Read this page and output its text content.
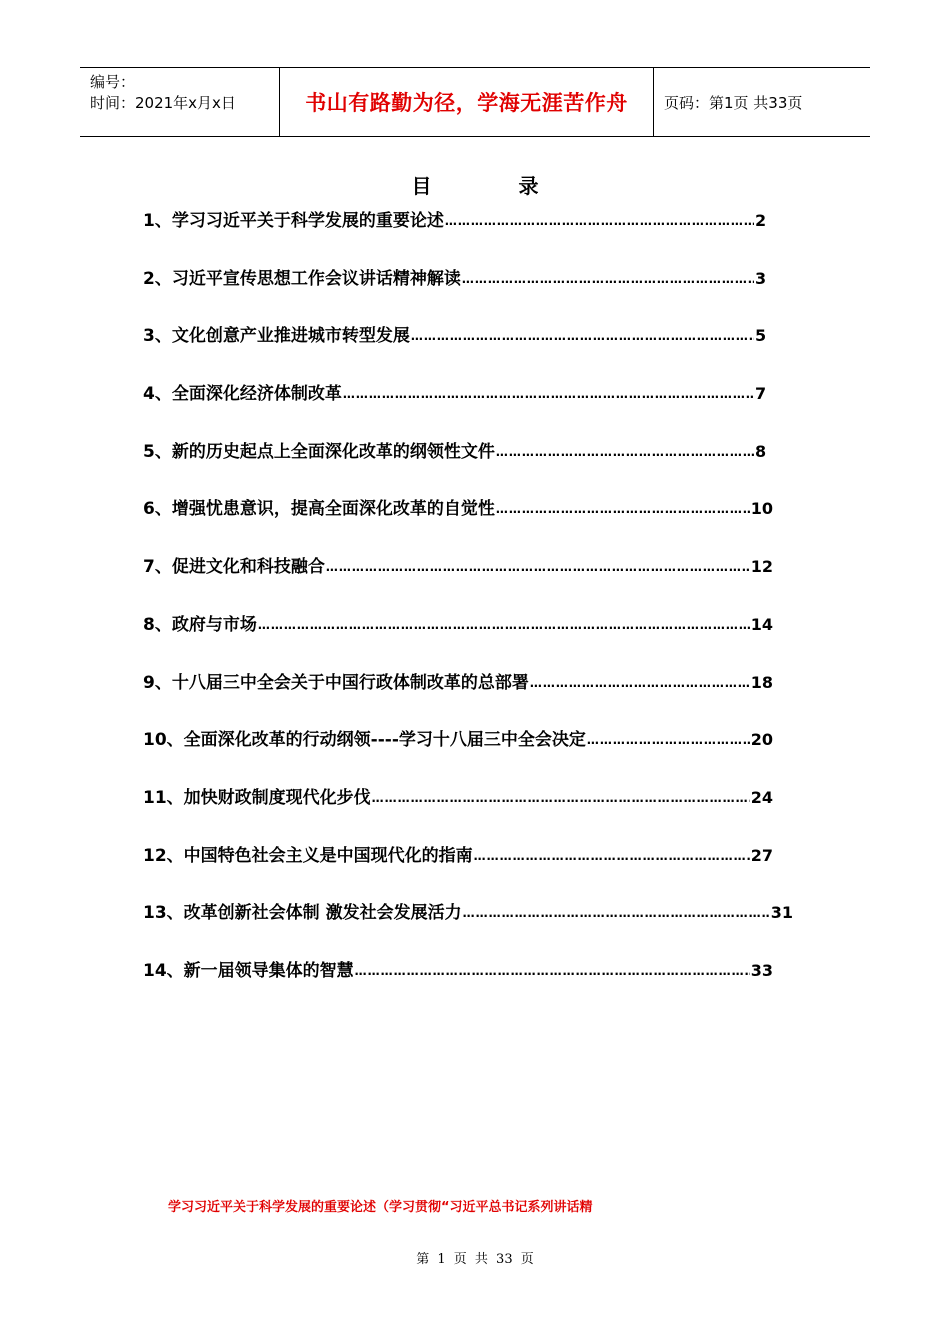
编号：
时间：2021年x月x日	书山有路勤为径，学海无涯苦作舟	页码：第1页 共33页
目 录
1、学习习近平关于科学发展的重要论述 …………………………………………………………………………………………………………………………………………………………………………………………	2
2、习近平宣传思想工作会议讲话精神解读 …………………………………………………………………………………………………………………………………………………………………………………………	3
3、文化创意产业推进城市转型发展 …………………………………………………………………………………………………………………………………………………………………………………………	5
4、全面深化经济体制改革 …………………………………………………………………………………………………………………………………………………………………………………………	7
5、新的历史起点上全面深化改革的纲领性文件 …………………………………………………………………………………………………………………………………………………………………………………………	8
6、增强忧患意识，提高全面深化改革的自觉性 …………………………………………………………………………………………………………………………………………………………………………………………	10
7、促进文化和科技融合 …………………………………………………………………………………………………………………………………………………………………………………………	12
8、政府与市场 …………………………………………………………………………………………………………………………………………………………………………………………	14
9、十八届三中全会关于中国行政体制改革的总部署 …………………………………………………………………………………………………………………………………………………………………………………………	18
10、全面深化改革的行动纲领----学习十八届三中全会决定 …………………………………………………………………………………………………………………………………………………………………………………………	20
11、加快财政制度现代化步伐 …………………………………………………………………………………………………………………………………………………………………………………………	24
12、中国特色社会主义是中国现代化的指南 …………………………………………………………………………………………………………………………………………………………………………………………	27
13、改革创新社会体制 激发社会发展活力 …………………………………………………………………………………………………………………………………………………………………………………………	31
14、新一届领导集体的智慧 …………………………………………………………………………………………………………………………………………………………………………………………	33
学习习近平关于科学发展的重要论述（学习贯彻“习近平总书记系列讲话精
第 1 页 共 33 页
